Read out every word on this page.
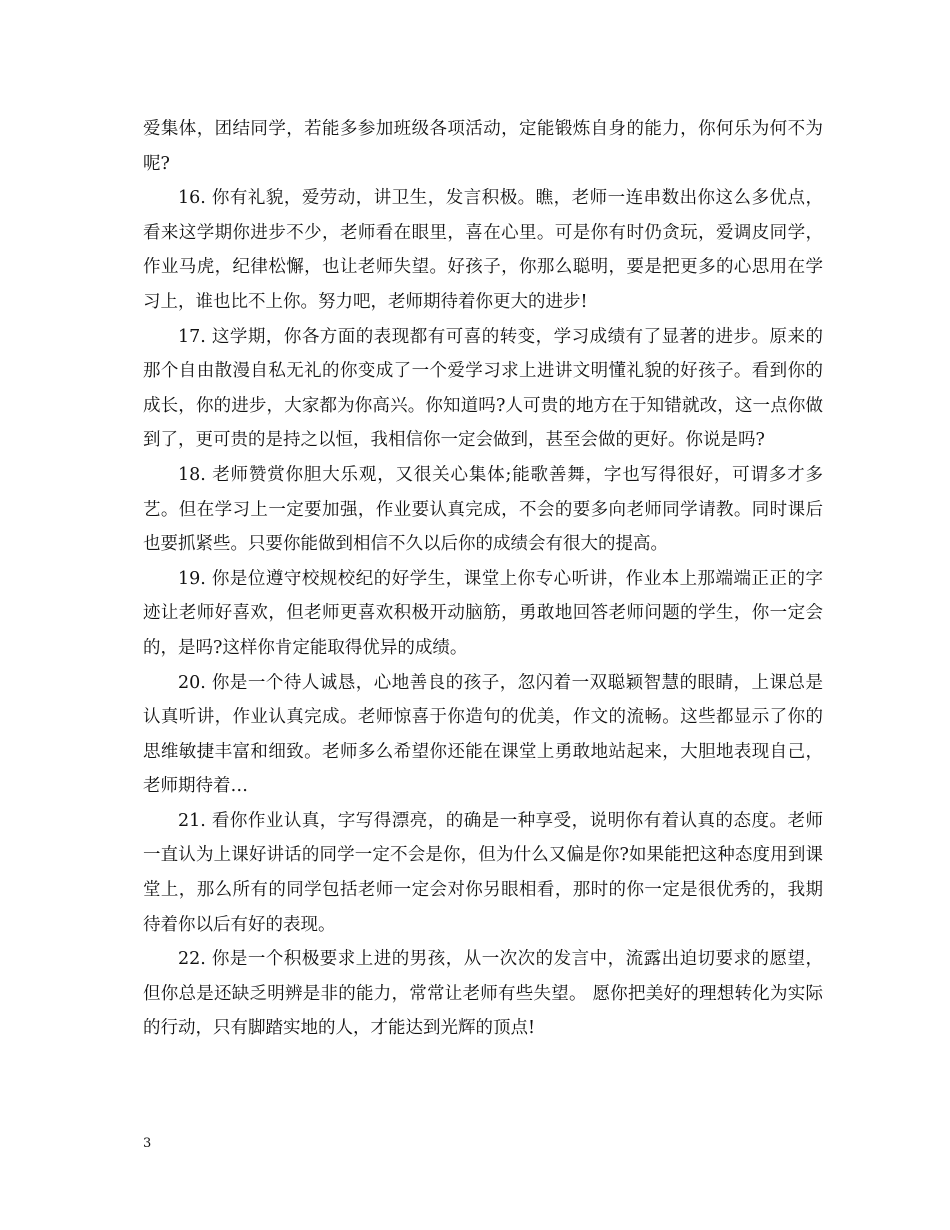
爱集体，团结同学，若能多参加班级各项活动，定能锻炼自身的能力，你何乐为何不为呢?

16. 你有礼貌，爱劳动，讲卫生，发言积极。瞧，老师一连串数出你这么多优点，看来这学期你进步不少，老师看在眼里，喜在心里。可是你有时仍贪玩，爱调皮同学，作业马虎，纪律松懈，也让老师失望。好孩子，你那么聪明，要是把更多的心思用在学习上，谁也比不上你。努力吧，老师期待着你更大的进步!

17. 这学期，你各方面的表现都有可喜的转变，学习成绩有了显著的进步。原来的那个自由散漫自私无礼的你变成了一个爱学习求上进讲文明懂礼貌的好孩子。看到你的成长，你的进步，大家都为你高兴。你知道吗?人可贵的地方在于知错就改，这一点你做到了，更可贵的是持之以恒，我相信你一定会做到，甚至会做的更好。你说是吗?

18. 老师赞赏你胆大乐观，又很关心集体;能歌善舞，字也写得很好，可谓多才多艺。但在学习上一定要加强，作业要认真完成，不会的要多向老师同学请教。同时课后也要抓紧些。只要你能做到相信不久以后你的成绩会有很大的提高。

19. 你是位遵守校规校纪的好学生，课堂上你专心听讲，作业本上那端端正正的字迹让老师好喜欢，但老师更喜欢积极开动脑筋，勇敢地回答老师问题的学生，你一定会的，是吗?这样你肯定能取得优异的成绩。

20. 你是一个待人诚恳，心地善良的孩子，忽闪着一双聪颖智慧的眼睛，上课总是认真听讲，作业认真完成。老师惊喜于你造句的优美，作文的流畅。这些都显示了你的思维敏捷丰富和细致。老师多么希望你还能在课堂上勇敢地站起来，大胆地表现自己，老师期待着…

21. 看你作业认真，字写得漂亮，的确是一种享受，说明你有着认真的态度。老师一直认为上课好讲话的同学一定不会是你，但为什么又偏是你?如果能把这种态度用到课堂上，那么所有的同学包括老师一定会对你另眼相看，那时的你一定是很优秀的，我期待着你以后有好的表现。

22. 你是一个积极要求上进的男孩，从一次次的发言中，流露出迫切要求的愿望，但你总是还缺乏明辨是非的能力，常常让老师有些失望。 愿你把美好的理想转化为实际的行动，只有脚踏实地的人，才能达到光辉的顶点!

3
